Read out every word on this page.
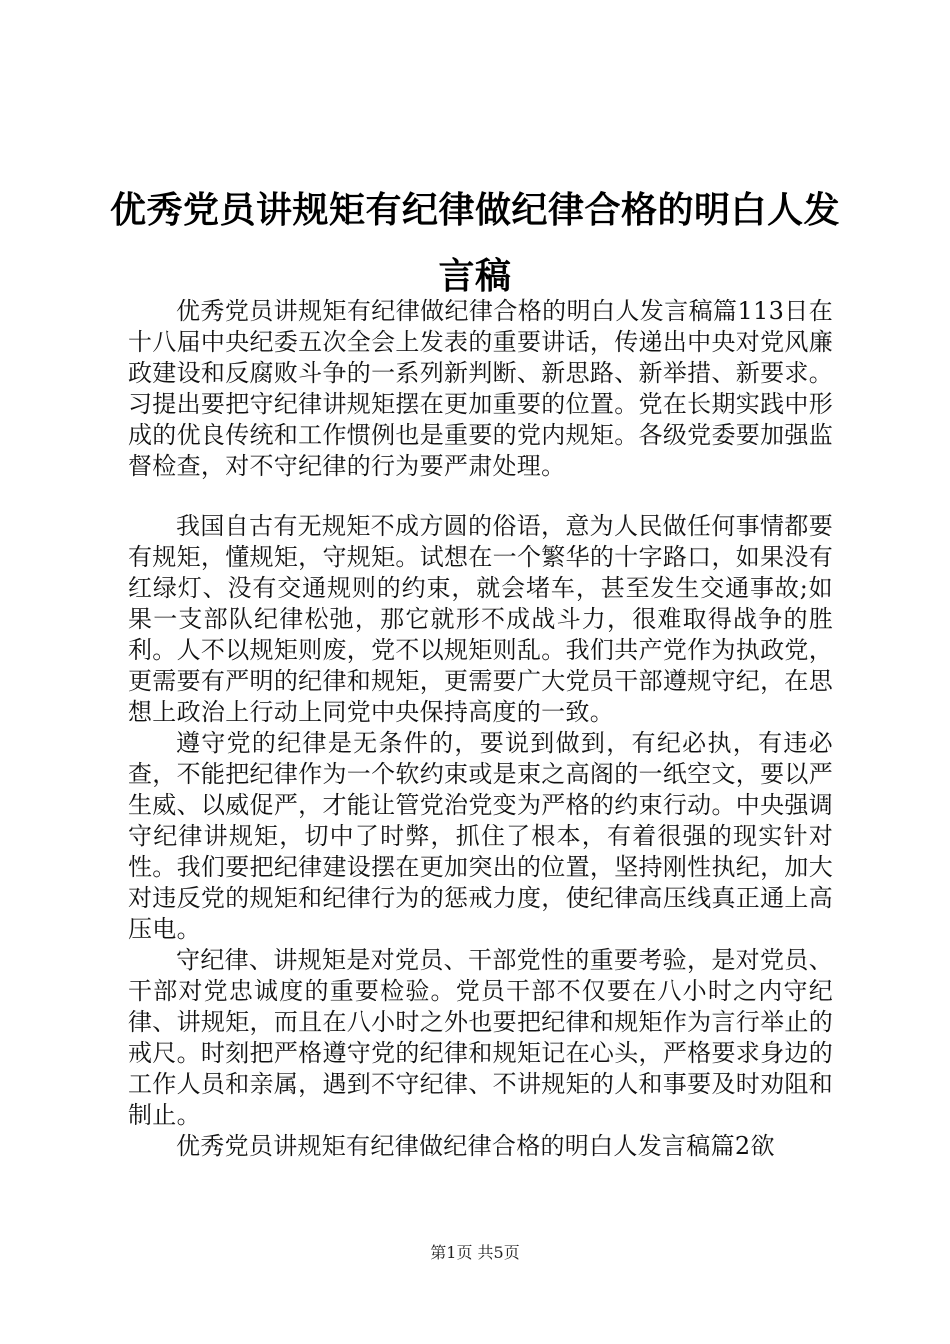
优秀党员讲规矩有纪律做纪律合格的明白人发言稿

优秀党员讲规矩有纪律做纪律合格的明白人发言稿篇113日在十八届中央纪委五次全会上发表的重要讲话，传递出中央对党风廉政建设和反腐败斗争的一系列新判断、新思路、新举措、新要求。习提出要把守纪律讲规矩摆在更加重要的位置。党在长期实践中形成的优良传统和工作惯例也是重要的党内规矩。各级党委要加强监督检查，对不守纪律的行为要严肃处理。

我国自古有无规矩不成方圆的俗语，意为人民做任何事情都要有规矩，懂规矩，守规矩。试想在一个繁华的十字路口，如果没有红绿灯、没有交通规则的约束，就会堵车，甚至发生交通事故;如果一支部队纪律松弛，那它就形不成战斗力，很难取得战争的胜利。人不以规矩则废，党不以规矩则乱。我们共产党作为执政党，更需要有严明的纪律和规矩，更需要广大党员干部遵规守纪，在思想上政治上行动上同党中央保持高度的一致。

遵守党的纪律是无条件的，要说到做到，有纪必执，有违必查，不能把纪律作为一个软约束或是束之高阁的一纸空文，要以严生威、以威促严，才能让管党治党变为严格的约束行动。中央强调守纪律讲规矩，切中了时弊，抓住了根本，有着很强的现实针对性。我们要把纪律建设摆在更加突出的位置，坚持刚性执纪，加大对违反党的规矩和纪律行为的惩戒力度，使纪律高压线真正通上高压电。

守纪律、讲规矩是对党员、干部党性的重要考验，是对党员、干部对党忠诚度的重要检验。党员干部不仅要在八小时之内守纪律、讲规矩，而且在八小时之外也要把纪律和规矩作为言行举止的戒尺。时刻把严格遵守党的纪律和规矩记在心头，严格要求身边的工作人员和亲属，遇到不守纪律、不讲规矩的人和事要及时劝阻和制止。

优秀党员讲规矩有纪律做纪律合格的明白人发言稿篇2欲

第1页 共5页
